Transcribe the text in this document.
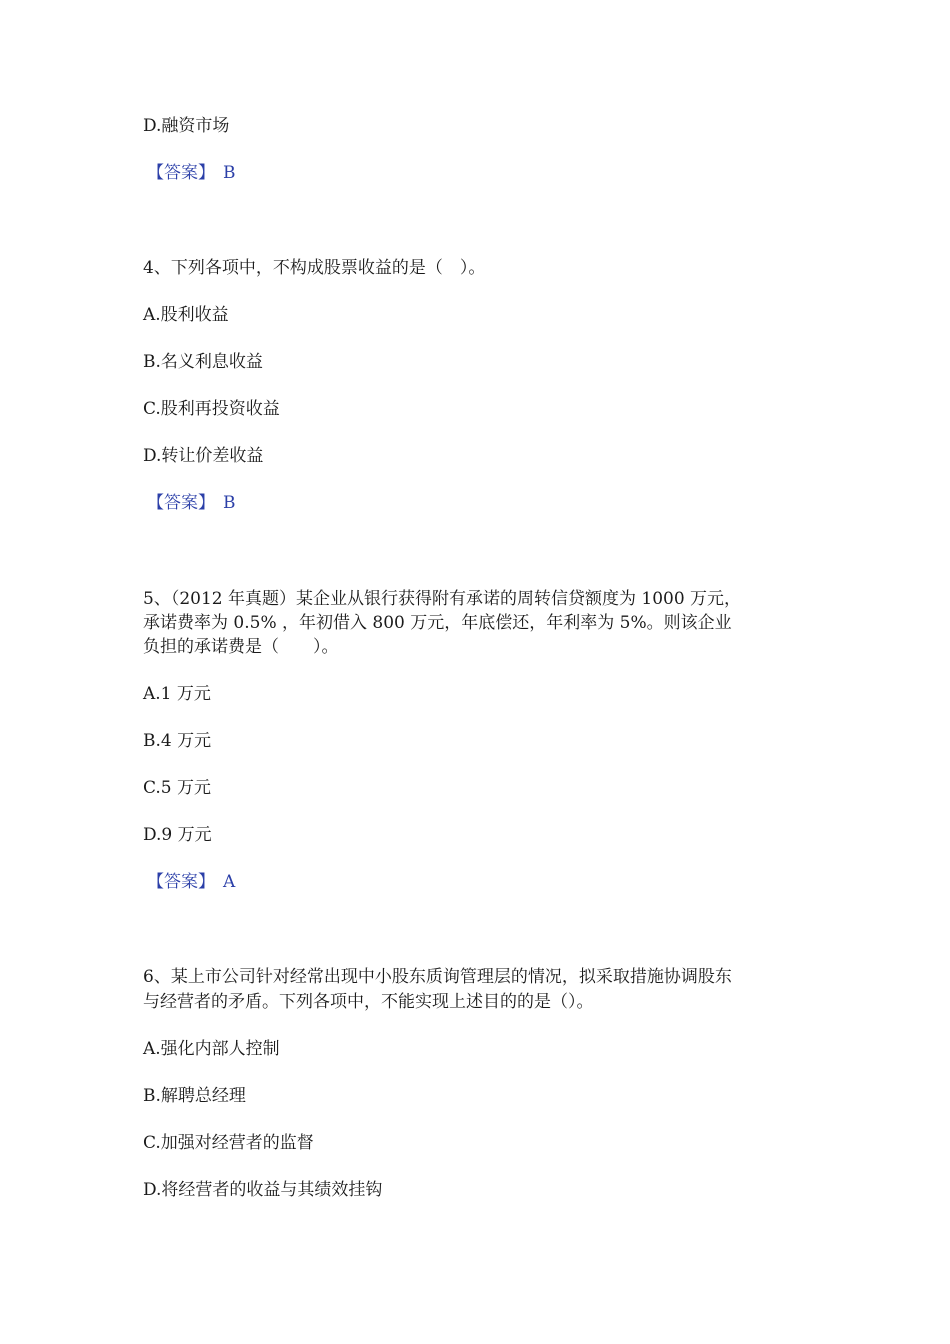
D.融资市场
【答案】 B
4、下列各项中，不构成股票收益的是（　）。
A.股利收益
B.名义利息收益
C.股利再投资收益
D.转让价差收益
【答案】 B
5、（2012 年真题）某企业从银行获得附有承诺的周转信贷额度为 1000 万元，
承诺费率为 0.5% ，年初借入 800 万元，年底偿还，年利率为 5%。则该企业
负担的承诺费是（　　）。
A.1 万元
B.4 万元
C.5 万元
D.9 万元
【答案】 A
6、某上市公司针对经常出现中小股东质询管理层的情况，拟采取措施协调股东
与经营者的矛盾。下列各项中，不能实现上述目的的是（）。
A.强化内部人控制
B.解聘总经理
C.加强对经营者的监督
D.将经营者的收益与其绩效挂钩
